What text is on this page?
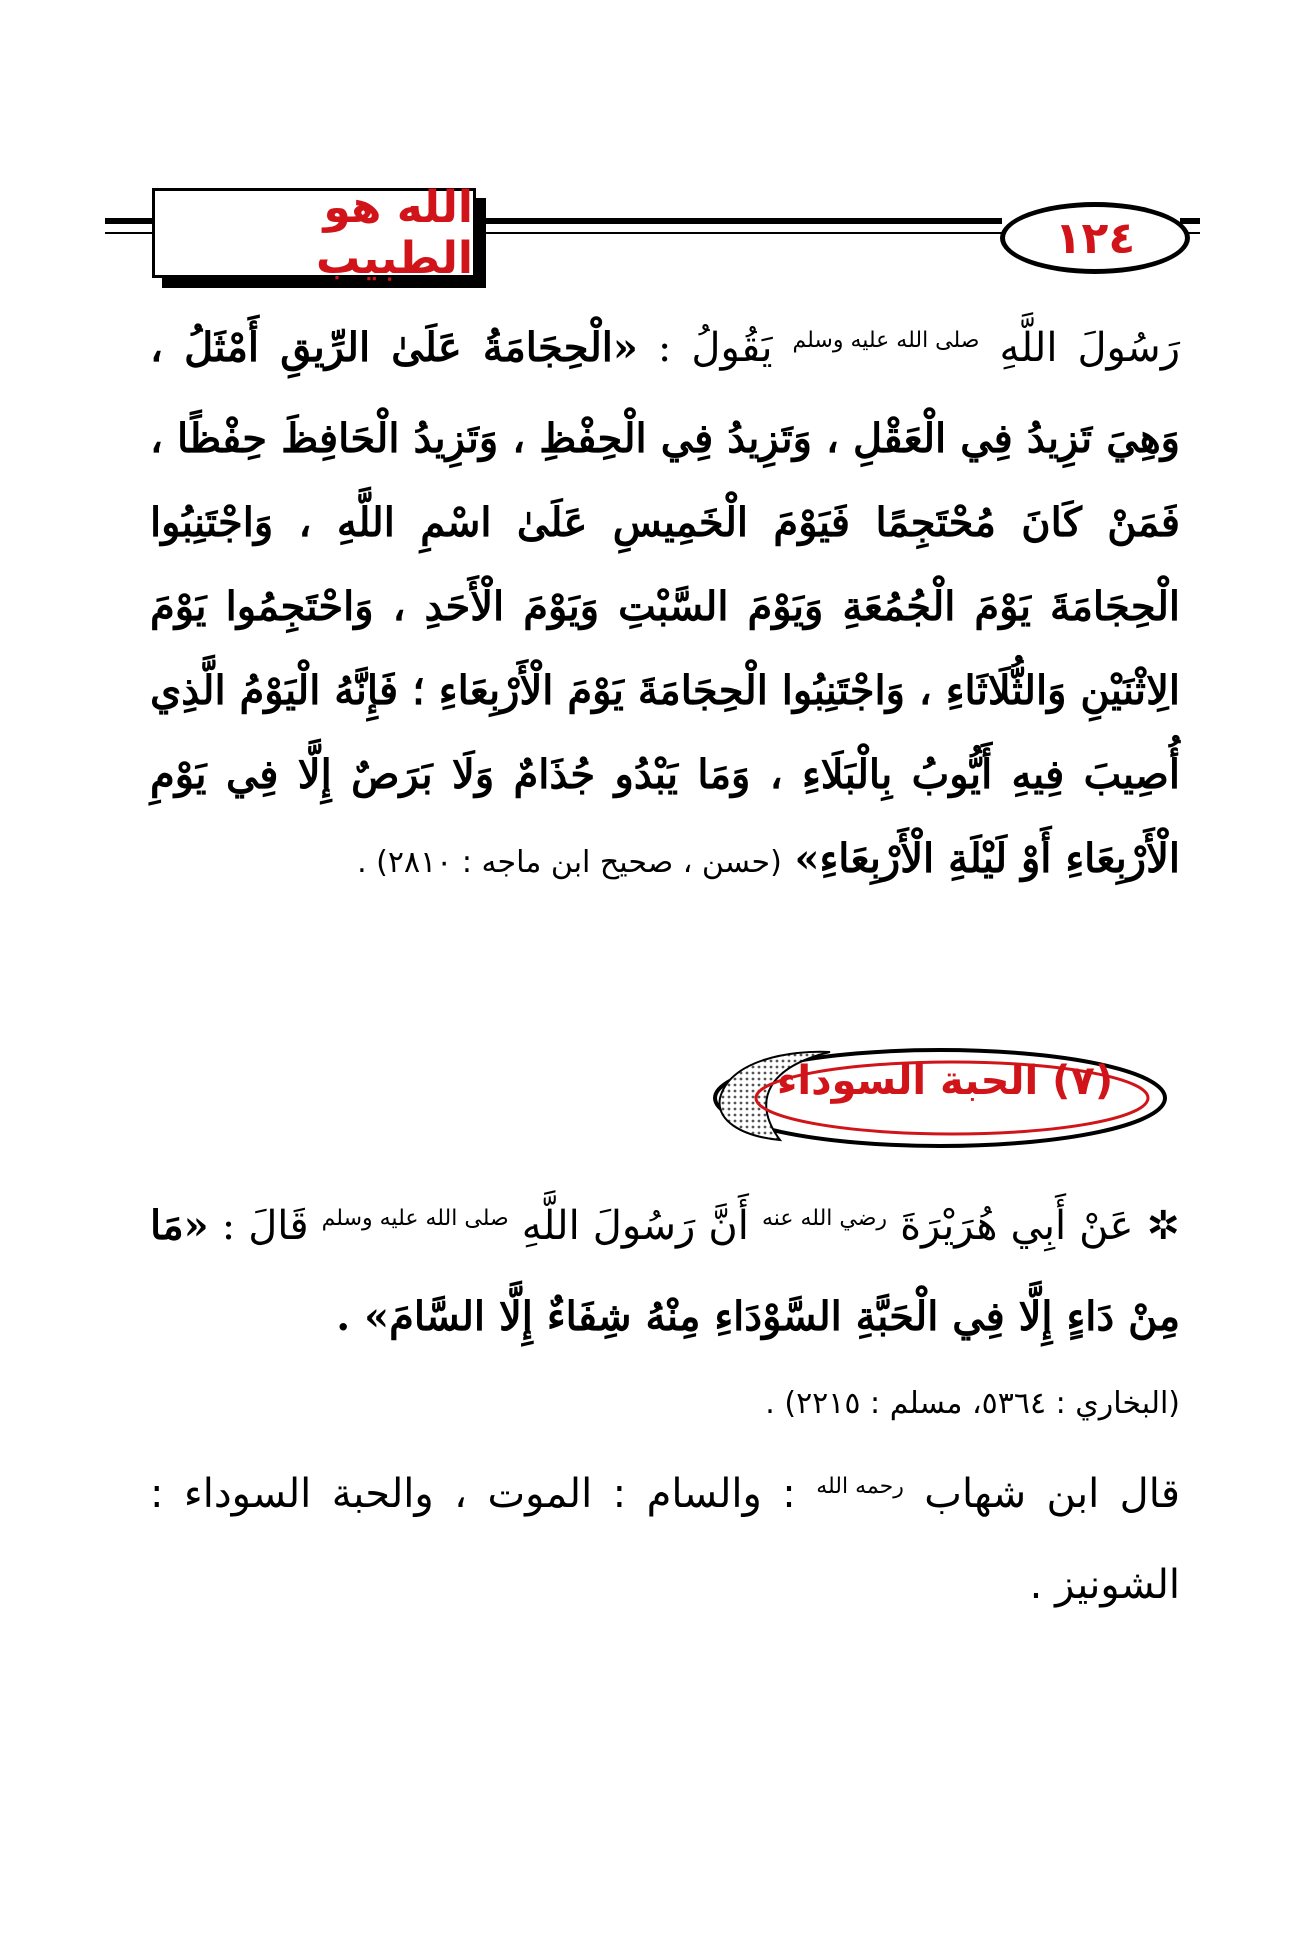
الله هو الطبيب	١٢٤
رَسُولَ اللَّهِ صلى الله عليه وسلم يَقُولُ : «الْحِجَامَةُ عَلَىٰ الرِّيقِ أَمْثَلُ ، وَهِيَ تَزِيدُ فِي الْعَقْلِ ، وَتَزِيدُ فِي الْحِفْظِ ، وَتَزِيدُ الْحَافِظَ حِفْظًا ، فَمَنْ كَانَ مُحْتَجِمًا فَيَوْمَ الْخَمِيسِ عَلَىٰ اسْمِ اللَّهِ ، وَاجْتَنِبُوا الْحِجَامَةَ يَوْمَ الْجُمُعَةِ وَيَوْمَ السَّبْتِ وَيَوْمَ الْأَحَدِ ، وَاحْتَجِمُوا يَوْمَ الِاثْنَيْنِ وَالثُّلَاثَاءِ ، وَاجْتَنِبُوا الْحِجَامَةَ يَوْمَ الْأَرْبِعَاءِ ؛ فَإِنَّهُ الْيَوْمُ الَّذِي أُصِيبَ فِيهِ أَيُّوبُ بِالْبَلَاءِ ، وَمَا يَبْدُو جُذَامٌ وَلَا بَرَصٌ إِلَّا فِي يَوْمِ الْأَرْبِعَاءِ أَوْ لَيْلَةِ الْأَرْبِعَاءِ» (حسن ، صحيح ابن ماجه : ٢٨١٠) .
(٧) الحبة السوداء
✲ عَنْ أَبِي هُرَيْرَةَ رضي الله عنه أَنَّ رَسُولَ اللَّهِ صلى الله عليه وسلم قَالَ : «مَا مِنْ دَاءٍ إِلَّا فِي الْحَبَّةِ السَّوْدَاءِ مِنْهُ شِفَاءٌ إِلَّا السَّامَ» .
(البخاري : ٥٣٦٤، مسلم : ٢٢١٥) .
قال ابن شهاب رحمه الله : والسام : الموت ، والحبة السوداء : الشونيز .
